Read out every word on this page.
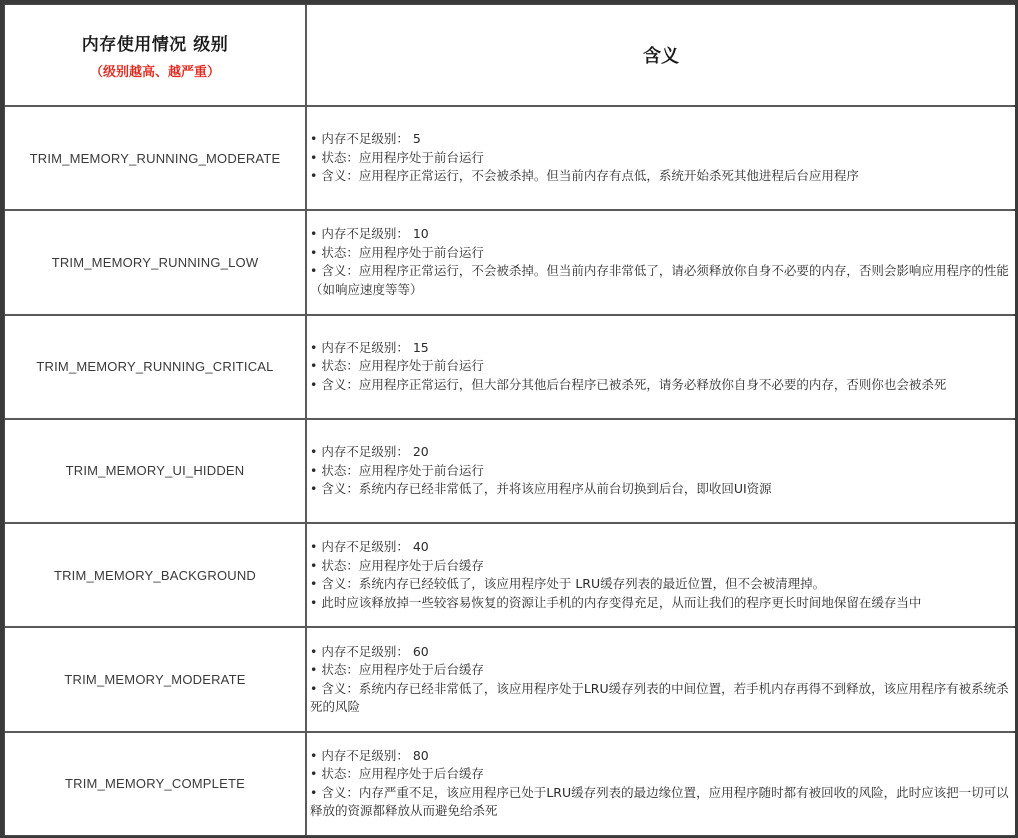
内存使用情况 级别
（级别越高、越严重）
含义
TRIM_MEMORY_RUNNING_MODERATE
• 内存不足级别： 5
• 状态：应用程序处于前台运行
• 含义：应用程序正常运行，不会被杀掉。但当前内存有点低，系统开始杀死其他进程后台应用程序
TRIM_MEMORY_RUNNING_LOW
• 内存不足级别： 10
• 状态：应用程序处于前台运行
• 含义：应用程序正常运行，不会被杀掉。但当前内存非常低了，请必须释放你自身不必要的内存，否则会影响应用程序的性能（如响应速度等等）
TRIM_MEMORY_RUNNING_CRITICAL
• 内存不足级别： 15
• 状态：应用程序处于前台运行
• 含义：应用程序正常运行，但大部分其他后台程序已被杀死，请务必释放你自身不必要的内存，否则你也会被杀死
TRIM_MEMORY_UI_HIDDEN
• 内存不足级别： 20
• 状态：应用程序处于前台运行
• 含义：系统内存已经非常低了，并将该应用程序从前台切换到后台，即收回UI资源
TRIM_MEMORY_BACKGROUND
• 内存不足级别： 40
• 状态：应用程序处于后台缓存
• 含义：系统内存已经较低了，该应用程序处于 LRU缓存列表的最近位置，但不会被清理掉。
• 此时应该释放掉一些较容易恢复的资源让手机的内存变得充足，从而让我们的程序更长时间地保留在缓存当中
TRIM_MEMORY_MODERATE
• 内存不足级别： 60
• 状态：应用程序处于后台缓存
• 含义：系统内存已经非常低了，该应用程序处于LRU缓存列表的中间位置，若手机内存再得不到释放，该应用程序有被系统杀死的风险
TRIM_MEMORY_COMPLETE
• 内存不足级别： 80
• 状态：应用程序处于后台缓存
• 含义：内存严重不足，该应用程序已处于LRU缓存列表的最边缘位置，应用程序随时都有被回收的风险，此时应该把一切可以释放的资源都释放从而避免给杀死
